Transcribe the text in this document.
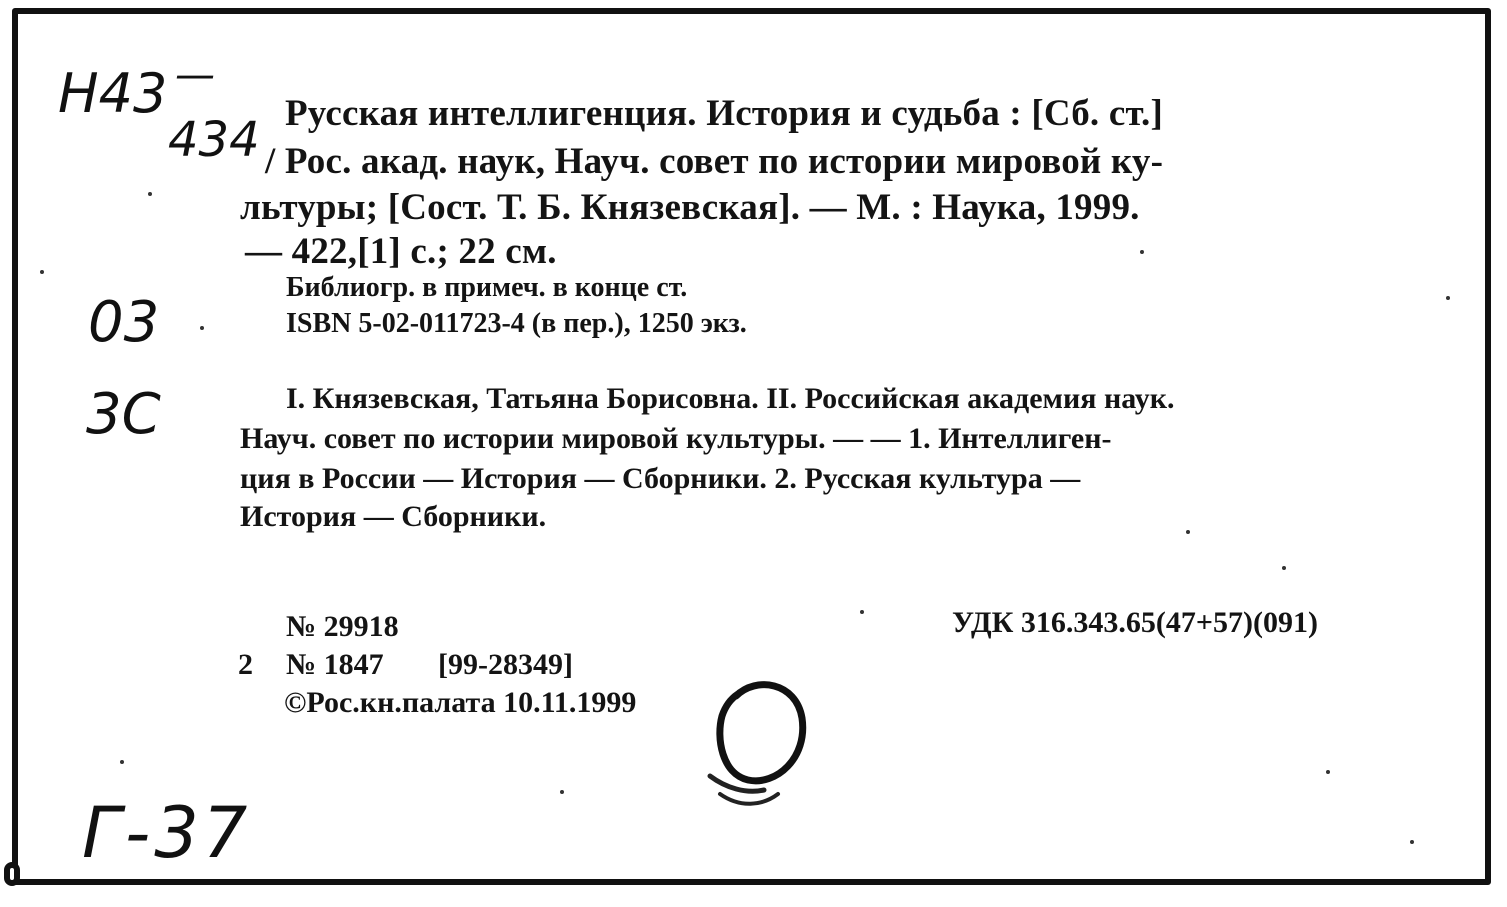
Н43 —
434
03
3С
Г-37
Русская интеллигенция. История и судьба : [Сб. ст.]
/ Рос. акад. наук, Науч. совет по истории мировой ку-
льтуры; [Сост. Т. Б. Князевская]. — М. : Наука, 1999.
— 422,[1] с.; 22 см.
Библиогр. в примеч. в конце ст.
ISBN 5-02-011723-4 (в пер.), 1250 экз.
I. Князевская, Татьяна Борисовна. II. Российская академия наук.
Науч. совет по истории мировой культуры. — — 1. Интеллиген-
ция в России — История — Сборники. 2. Русская культура —
История — Сборники.
№ 29918	УДК 316.343.65(47+57)(091)
2 № 1847 [99-28349]
©Рос.кн.палата 10.11.1999
